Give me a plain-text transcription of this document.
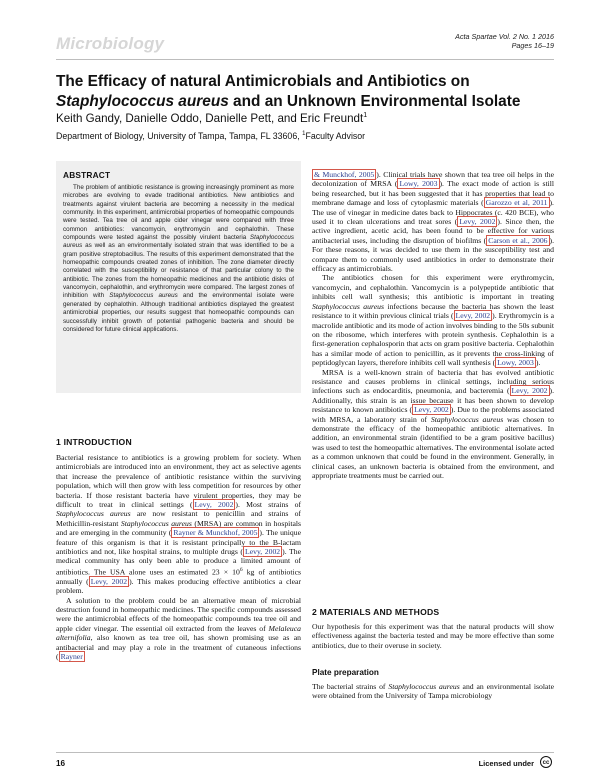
Microbiology	Acta Spartae Vol. 2 No. 1 2016
Pages 16–19
The Efficacy of natural Antimicrobials and Antibiotics on
Staphylococcus aureus and an Unknown Environmental Isolate
Keith Gandy, Danielle Oddo, Danielle Pett, and Eric Freundt$^1$
Department of Biology, University of Tampa, Tampa, FL 33606, $^1$Faculty Advisor
ABSTRACT

The problem of antibiotic resistance is growing increasingly prominent as more microbes are evolving to evade traditional antibiotics. New antibiotics and treatments against virulent bacteria are becoming a necessity in the medical community. In this experiment, antimicrobial properties of homeopathic compounds were tested. Tea tree oil and apple cider vinegar were compared with three common antibiotics: vancomycin, erythromycin and cephalothin. These compounds were tested against the possibly virulent bacteria Staphylococcus aureus as well as an environmentally isolated strain that was identified to be a gram positive streptobacillus. The results of this experiment demonstrated that the homeopathic compounds created zones of inhibition. The zone diameter directly correlated with the susceptibility or resistance of that particular colony to the antibiotic. The zones from the homeopathic medicines and the antibiotic disks of vancomycin, cephalothin, and erythromycin were compared. The largest zones of inhibition with Staphylococcus aureus and the environmental isolate were generated by cephalothin. Although traditional antibiotics displayed the greatest antimicrobial properties, our results suggest that homeopathic compounds can successfully inhibit growth of potential pathogenic bacteria and should be considered for future clinical applications.

1 INTRODUCTION

Bacterial resistance to antibiotics is a growing problem for society. When antimicrobials are introduced into an environment, they act as selective agents that increase the prevalence of antibiotic resistance within the surviving population, which will then grow with less competition for resources by other bacteria. If those resistant bacteria have virulent properties, they may be difficult to treat in clinical settings ( Levy, 2002 ). Most strains of Staphylococcus aureus are now resistant to penicillin and strains of Methicillin-resistant Staphylococcus aureus (MRSA) are common in hospitals and are emerging in the community ( Rayner & Munckhof, 2005 ). The unique feature of this organism is that it is resistant principally to the B-lactam antibiotics and not, like hospital strains, to multiple drugs ( Levy, 2002 ). The medical community has only been able to produce a limited amount of antibiotics. The USA alone uses an estimated $23 \times 10^6$ kg of antibiotics annually ( Levy, 2002 ). This makes producing effective antibiotics a clear problem.

A solution to the problem could be an alternative mean of microbial destruction found in homeopathic medicines. The specific compounds assessed were the antimicrobial effects of the homeopathic compounds tea tree oil and apple cider vinegar. The essential oil extracted from the leaves of Melaleuca alternifolia, also known as tea tree oil, has shown promising use as an antibacterial and may play a role in the treatment of cutaneous infections ( Rayner

& Munckhof, 2005 ). Clinical trials have shown that tea tree oil helps in the decolonization of MRSA ( Lowy, 2003 ). The exact mode of action is still being researched, but it has been suggested that it has properties that lead to membrane damage and loss of cytoplasmic materials ( Garozzo et al, 2011 ). The use of vinegar in medicine dates back to Hippocrates (c. 420 BCE), who used it to clean ulcerations and treat sores ( Levy, 2002 ). Since then, the active ingredient, acetic acid, has been found to be effective for various antibacterial uses, including the disruption of biofilms ( Carson et al., 2006 ). For these reasons, it was decided to use them in the susceptibility test and compare them to commonly used antibiotics in order to demonstrate their efficacy as antimicrobials.

The antibiotics chosen for this experiment were erythromycin, vancomycin, and cephalothin. Vancomycin is a polypeptide antibiotic that inhibits cell wall synthesis; this antibiotic is important in treating Staphylococcus aureus infections because the bacteria has shown the least resistance to it within previous clinical trials ( Levy, 2002 ). Erythromycin is a macrolide antibiotic and its mode of action involves binding to the 50s subunit on the ribosome, which interferes with protein synthesis. Cephalothin is a first-generation cephalosporin that acts on gram positive bacteria. Cephalothin has a similar mode of action to penicillin, as it prevents the cross-linking of peptidoglycan layers, therefore inhibits cell wall synthesis ( Lowy, 2003 ).

MRSA is a well-known strain of bacteria that has evolved antibiotic resistance and causes problems in clinical settings, including serious infections such as endocarditis, pneumonia, and bacteremia ( Levy, 2002 ). Additionally, this strain is an issue because it has been shown to develop resistance to known antibiotics ( Levy, 2002 ). Due to the problems associated with MRSA, a laboratory strain of Staphylococcus aureus was chosen to demonstrate the efficacy of the homeopathic antibiotic alternatives. In addition, an environmental strain (identified to be a gram positive bacillus) was used to test the homeopathic alternatives. The environmental isolate acted as a common unknown that could be found in the environment. Generally, in clinical cases, an unknown bacteria is obtained from the environment, and appropriate treatments must be carried out.

2 MATERIALS AND METHODS

Our hypothesis for this experiment was that the natural products will show effectiveness against the bacteria tested and may be more effective than some antibiotics, due to their overuse in society.

Plate preparation

The bacterial strains of Staphylococcus aureus and an environmental isolate were obtained from the University of Tampa microbiology

16	Licensed under	cc
